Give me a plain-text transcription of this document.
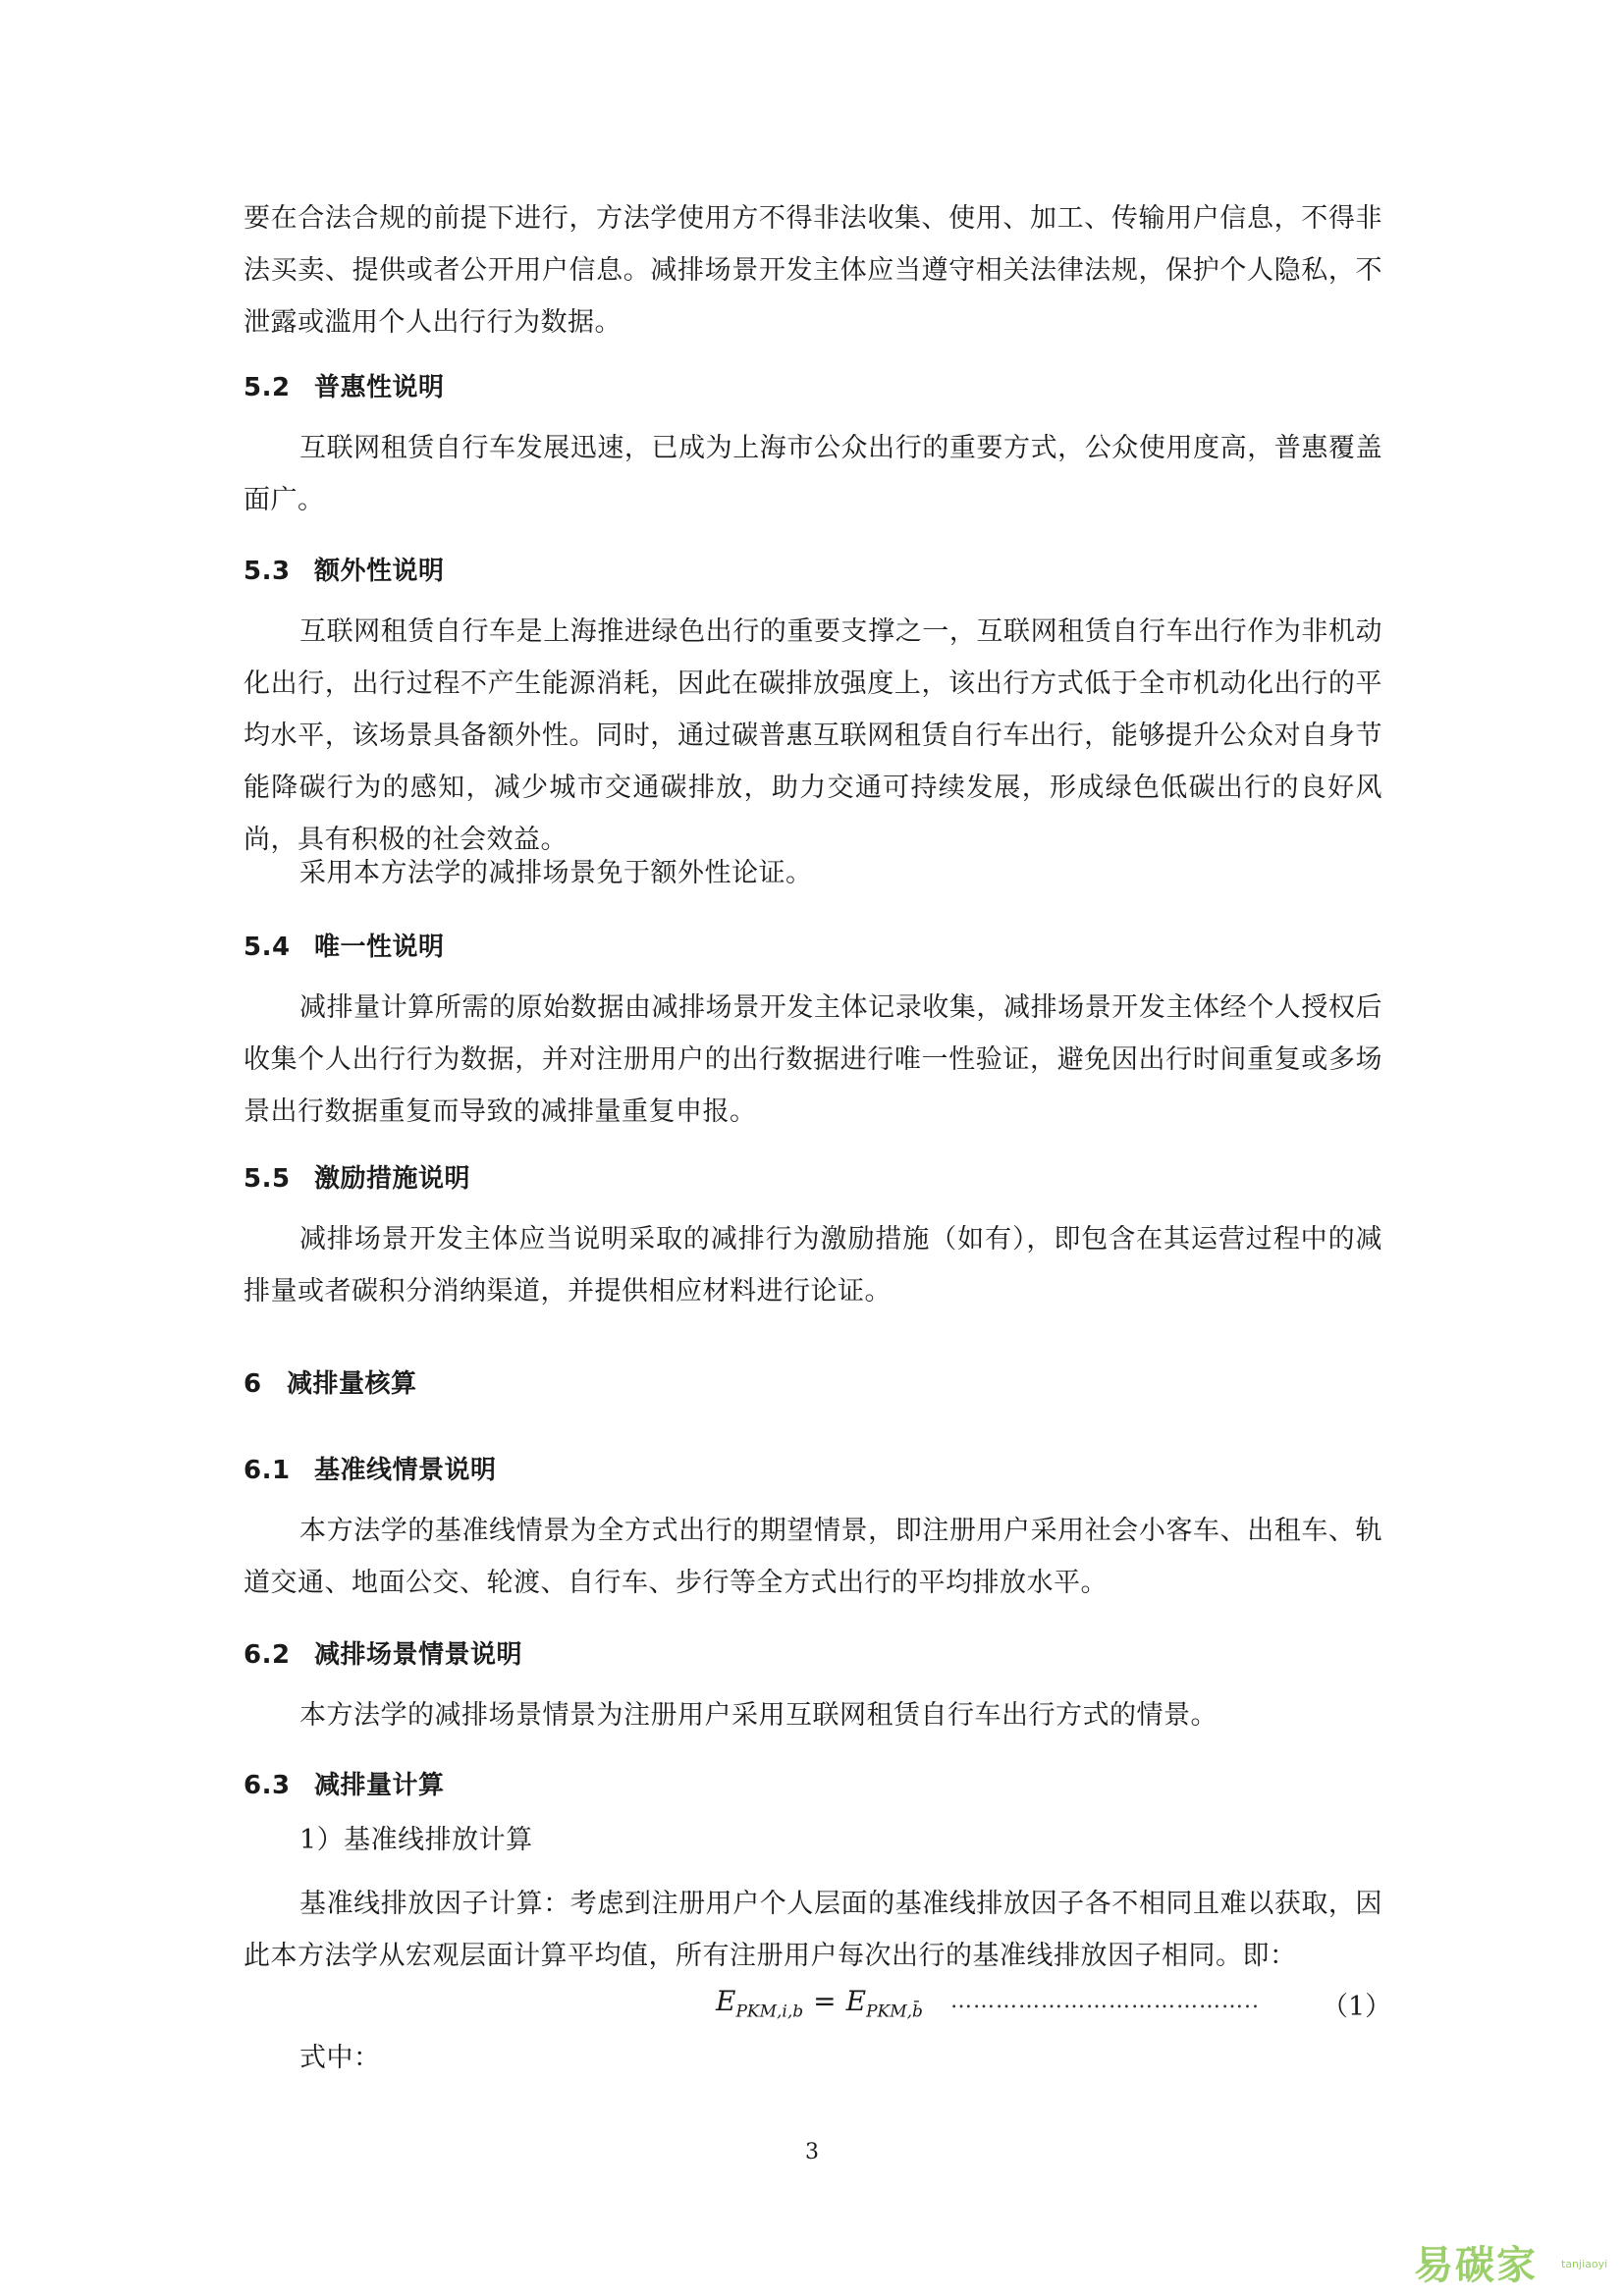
要在合法合规的前提下进行，方法学使用方不得非法收集、使用、加工、传输用户信息，不得非法买卖、提供或者公开用户信息。减排场景开发主体应当遵守相关法律法规，保护个人隐私，不泄露或滥用个人出行行为数据。

5.2 普惠性说明

互联网租赁自行车发展迅速，已成为上海市公众出行的重要方式，公众使用度高，普惠覆盖面广。

5.3 额外性说明

互联网租赁自行车是上海推进绿色出行的重要支撑之一，互联网租赁自行车出行作为非机动化出行，出行过程不产生能源消耗，因此在碳排放强度上，该出行方式低于全市机动化出行的平均水平，该场景具备额外性。同时，通过碳普惠互联网租赁自行车出行，能够提升公众对自身节能降碳行为的感知，减少城市交通碳排放，助力交通可持续发展，形成绿色低碳出行的良好风尚，具有积极的社会效益。

采用本方法学的减排场景免于额外性论证。

5.4 唯一性说明

减排量计算所需的原始数据由减排场景开发主体记录收集，减排场景开发主体经个人授权后收集个人出行行为数据，并对注册用户的出行数据进行唯一性验证，避免因出行时间重复或多场景出行数据重复而导致的减排量重复申报。

5.5 激励措施说明

减排场景开发主体应当说明采取的减排行为激励措施（如有），即包含在其运营过程中的减排量或者碳积分消纳渠道，并提供相应材料进行论证。

6 减排量核算
6.1 基准线情景说明

本方法学的基准线情景为全方式出行的期望情景，即注册用户采用社会小客车、出租车、轨道交通、地面公交、轮渡、自行车、步行等全方式出行的平均排放水平。

6.2 减排场景情景说明

本方法学的减排场景情景为注册用户采用互联网租赁自行车出行方式的情景。

6.3 减排量计算

1）基准线排放计算

基准线排放因子计算：考虑到注册用户个人层面的基准线排放因子各不相同且难以获取，因此本方法学从宏观层面计算平均值，所有注册用户每次出行的基准线排放因子相同。即：

$E_{PKM,i,b} = E_{PKM,b̄}$ ………………………………….. （1）

式中：

3
易碳家 tanjiaoyi
